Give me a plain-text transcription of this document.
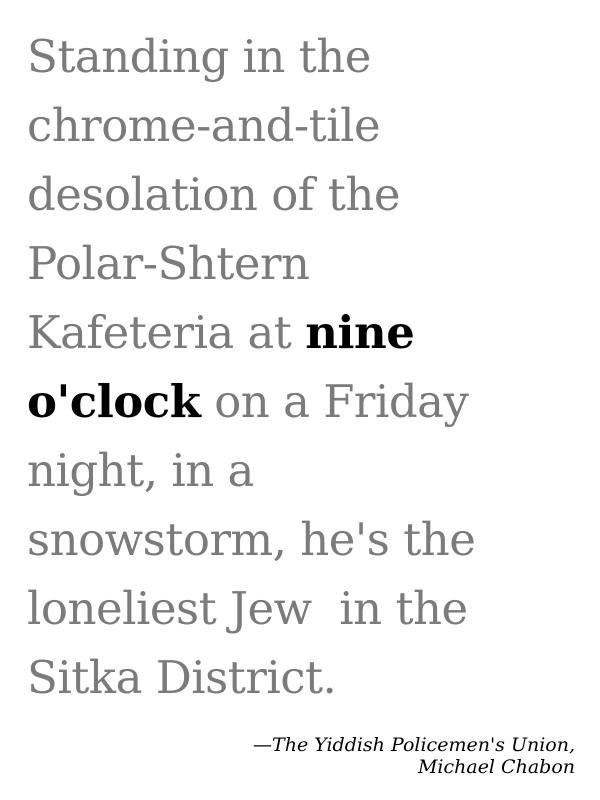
Standing in the
chrome-and-tile
desolation of the
Polar-Shtern
Kafeteria at nine
o'clock on a Friday
night, in a
snowstorm, he's the
loneliest Jew  in the
Sitka District.

—The Yiddish Policemen's Union,
Michael Chabon
